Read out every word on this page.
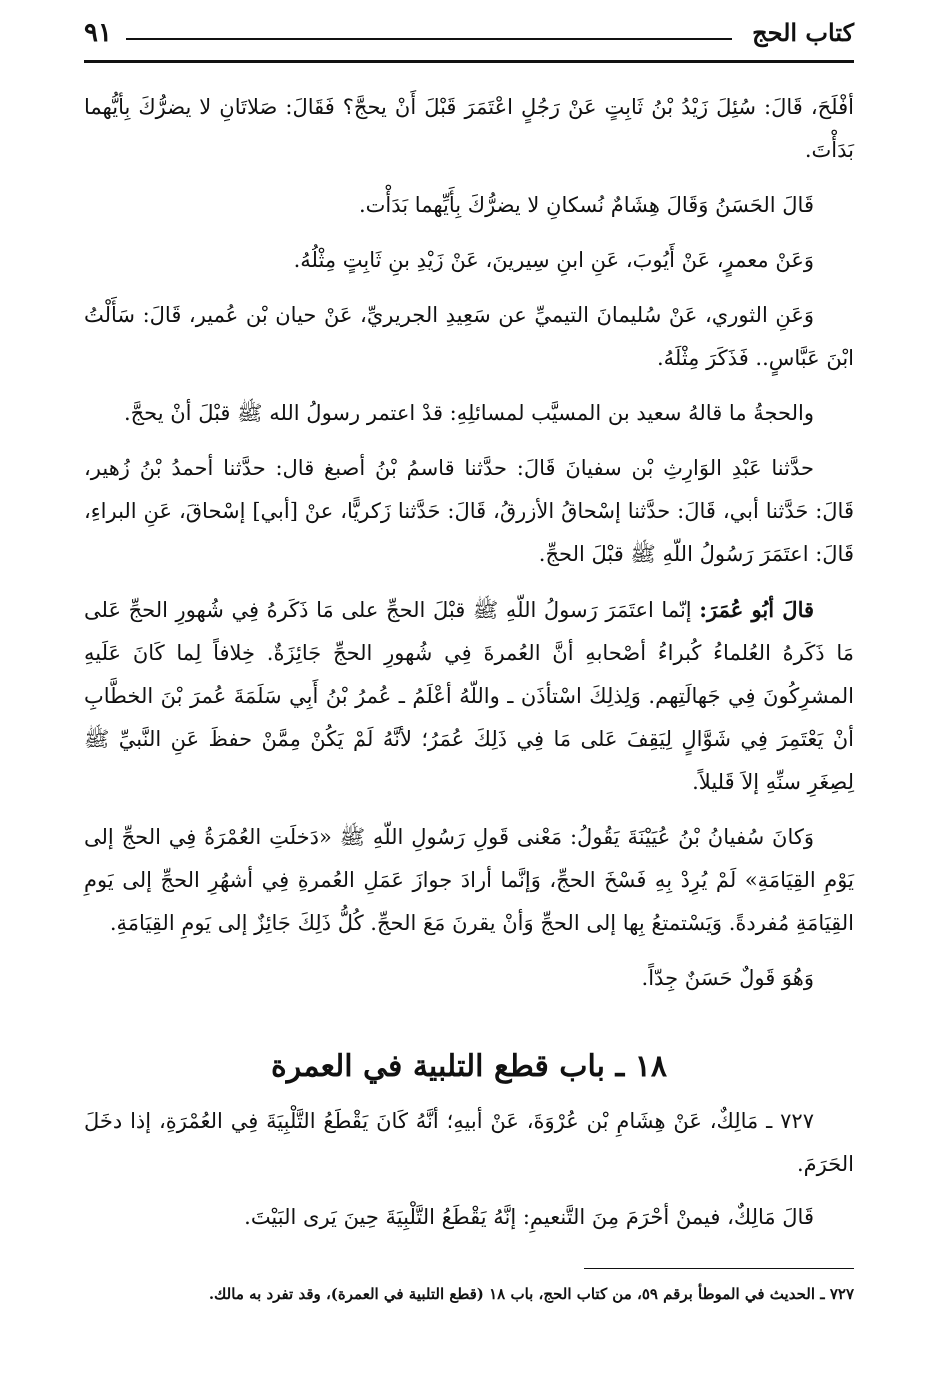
كتاب الحج
٩١

أفْلَحَ، قَالَ: سُئِلَ زَيْدُ بْنُ ثَابِتٍ عَنْ رَجُلٍ اعْتَمَرَ قَبْلَ أَنْ يحجَّ؟ فَقَالَ: صَلاتَانِ لا يضرُّكَ بِأيُّهما بَدَأْتَ.

قَالَ الحَسَنُ وَقَالَ هِشَامٌ نُسكانِ لا يضرُّكَ بِأَيِّهما بَدَأْت.

وَعَنْ معمرٍ، عَنْ أَيُوبَ، عَنِ ابنِ سِيرينَ، عَنْ زَيْدِ بنِ ثَابِتٍ مِثْلُهُ.

وَعَنِ الثوري، عَنْ سُليمانَ التيميِّ عن سَعِيدِ الجريريِّ، عَنْ حيان بْن عُمير، قَالَ: سَأَلْتُ ابْنَ عَبَّاسٍ.. فَذَكَرَ مِثْلَهُ.

والحجةُ ما قالهُ سعيد بن المسيَّب لمسائلِهِ: قدْ اعتمر رسولُ الله ﷺ قبْلَ أنْ يحجَّ.

حدَّثنا عَبْدِ الوَارِثِ بْن سفيانَ قَالَ: حدَّثنا قاسمُ بْنُ أصبغ قال: حدَّثنا أحمدُ بْنُ زُهير، قَالَ: حَدَّثنا أبي، قَالَ: حدَّثنا إسْحاقُ الأزرقُ، قَالَ: حَدَّثنا زَكريًّا، عنْ [أبي] إسْحاقَ، عَنِ البراءِ، قَالَ: اعتَمَرَ رَسُولُ اللّهِ ﷺ قبْلَ الحجِّ.

قالَ أبُو عُمَرَ: إنّما اعتَمَرَ رَسولُ اللّهِ ﷺ قبْلَ الحجِّ على مَا ذَكَرهُ فِي شُهورِ الحجِّ عَلى مَا ذَكَرهُ العُلماءُ كُبراءُ أصْحابهِ أنَّ العُمرةَ فِي شُهورِ الحجِّ جَائِزَةٌ. خِلافاً لِما كَانَ عَلَيهِ المشرِكُونَ فِي جَهالَتِهم. وَلِذلِكَ اسْتأذَن ـ واللّهُ أعْلَمُ ـ عُمرُ بْنُ أَبِي سَلَمَةَ عُمرَ بْنَ الخطَّابِ أنْ يَعْتَمِرَ فِي شَوَّالٍ لِيَقِفَ عَلى مَا فِي ذَلِكَ عُمَرُ؛ لأنَّهُ لَمْ يَكُنْ مِمَّنْ حفظَ عَنِ النَّبيِّ ﷺ لِصِغَرِ سنِّهِ إلاَ قَليلاً.

وَكانَ سُفيانُ بْنُ عُيَيْنَةَ يَقُولُ: مَعْنى قَولِ رَسُولِ اللّهِ ﷺ «دَخلَتِ العُمْرَةُ فِي الحجِّ إلى يَوْمِ القِيَامَةِ» لَمْ يُرِدْ بِهِ فَسْخَ الحجِّ، وَإنَّما أرادَ جوازَ عَمَلِ العُمرةِ فِي أشهُرِ الحجِّ إلى يَومِ القِيَامَةِ مُفردةً. وَيَسْتمتعُ بِها إلى الحجِّ وَأنْ يقرنَ مَعَ الحجِّ. كُلُّ ذَلِكَ جَائِزٌ إلى يَومِ القِيَامَةِ.

وَهُوَ قَولٌ حَسَنٌ جِدّاً.

١٨ ـ باب قطع التلبية في العمرة

٧٢٧ ـ مَالِكٌ، عَنْ هِشَامِ بْن عُرْوَةَ، عَنْ أبيهِ؛ أنَّهُ كَانَ يَقْطَعُ التَّلْبِيَةَ فِي العُمْرَةِ، إذا دخَلَ الحَرَمَ.

قَالَ مَالِكٌ، فيمنْ أحْرَمَ مِنَ التَّنعيمِ: إنَّهُ يَقْطَعُ التَّلْبِيَةَ حِينَ يَرى البَيْتَ.

٧٢٧ ـ الحديث في الموطأ برقم ٥٩، من كتاب الحج، باب ١٨ (قطع التلبية في العمرة)، وقد تفرد به مالك.
